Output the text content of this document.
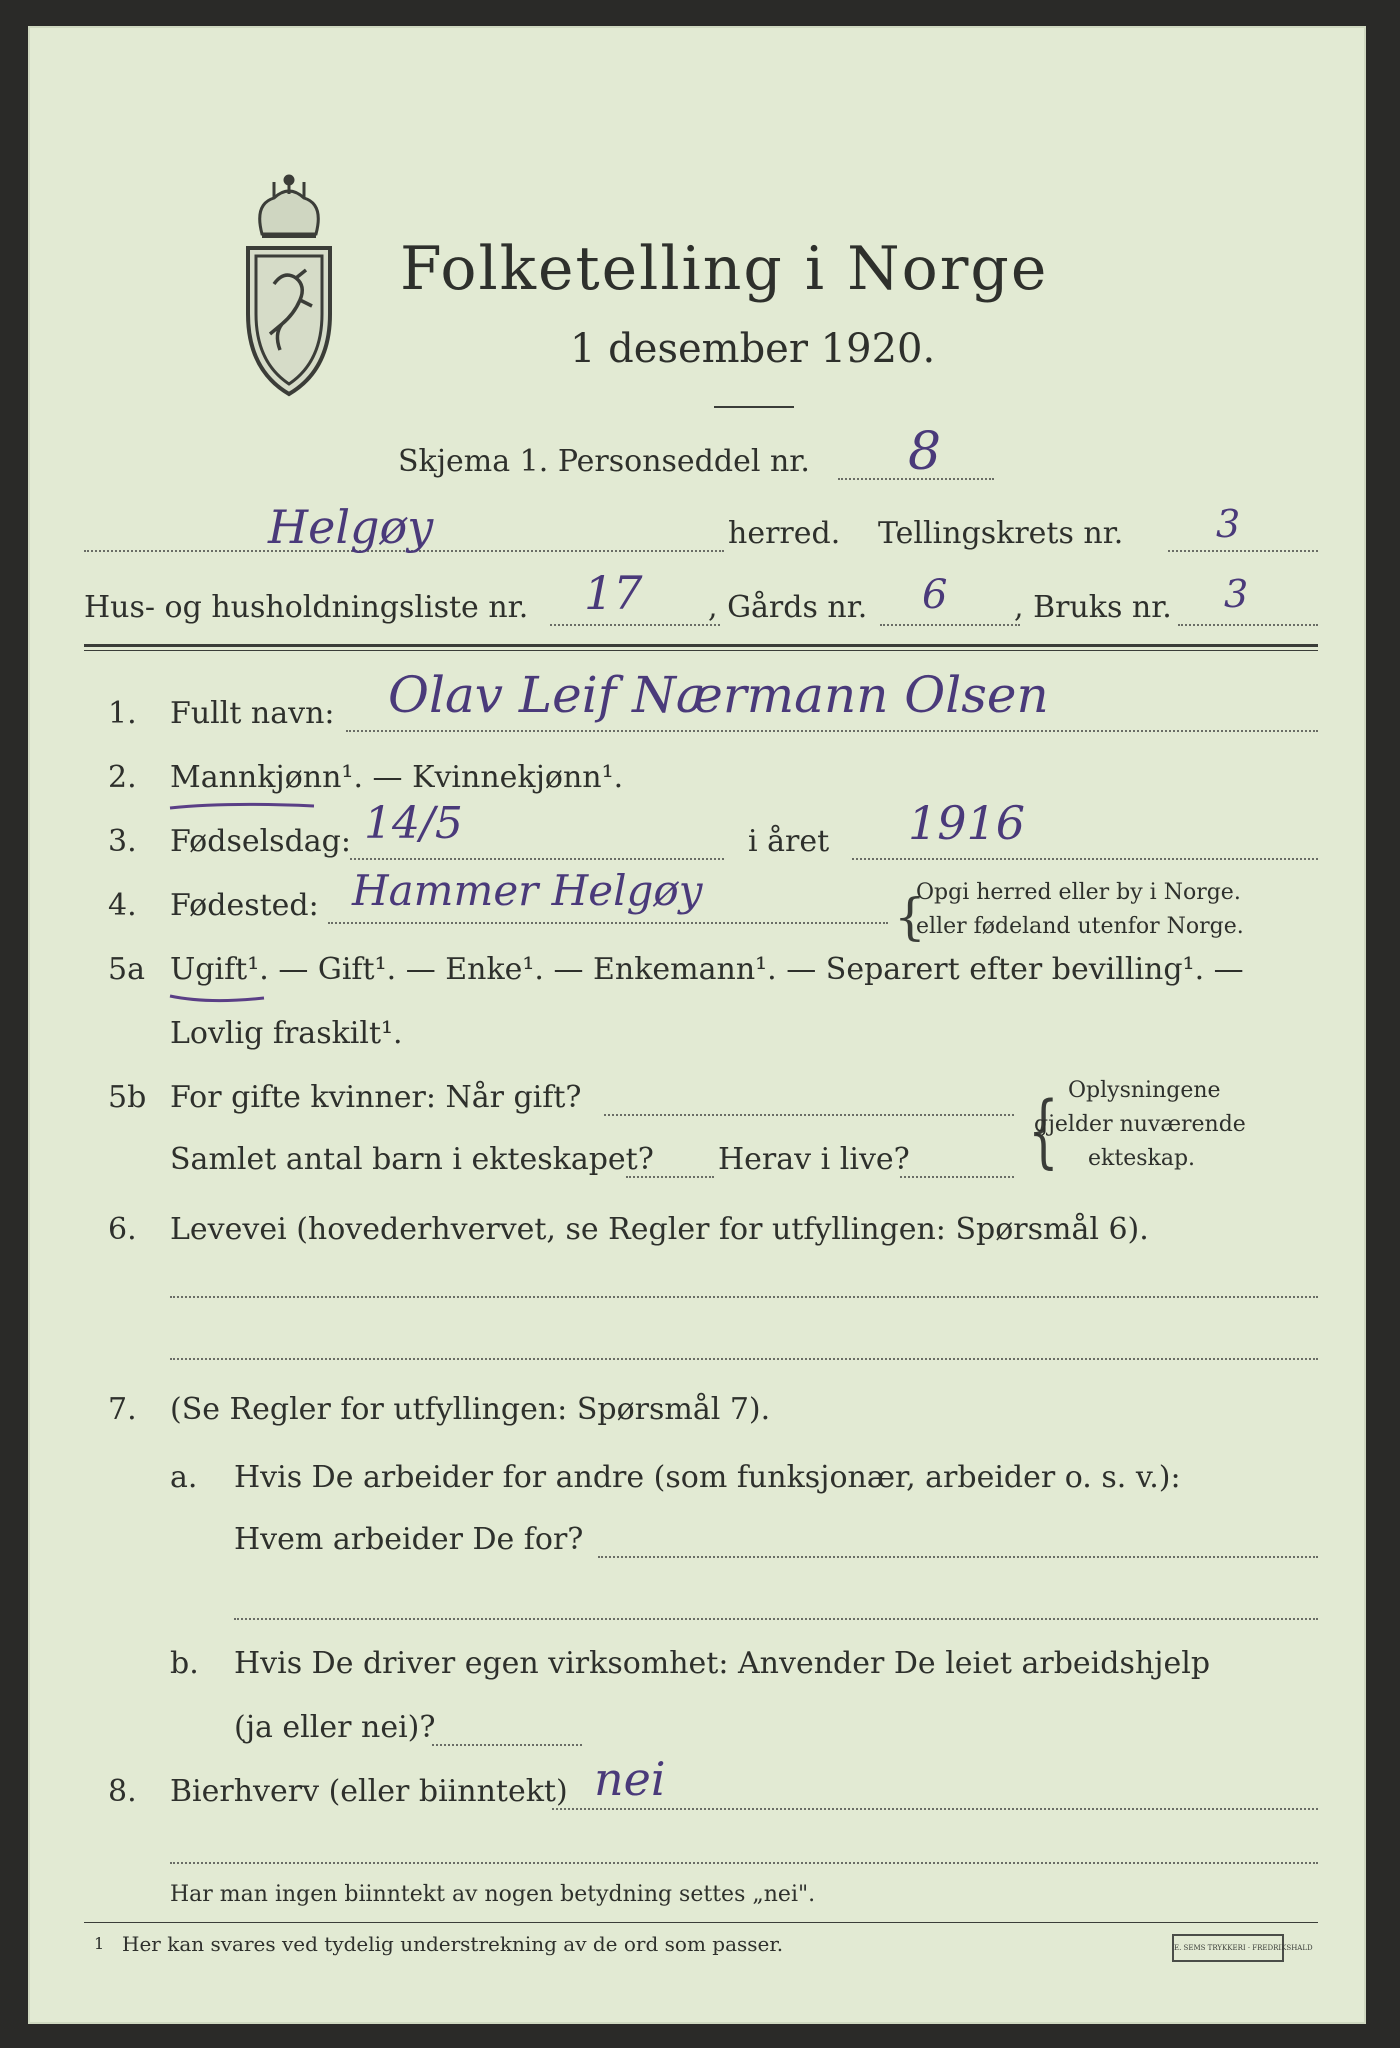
Folketelling i Norge
1 desember 1920.
Skjema 1. Personseddel nr. 8
Helgøy	herred. Tellingskrets nr. 3
Hus- og husholdningsliste nr. 17 , Gårds nr. 6 , Bruks nr. 3
1. Fullt navn: Olav Leif Nærmann Olsen
2. Mannkjønn¹. — Kvinnekjønn¹.
3. Fødselsdag: 14/5	i året 1916
4. Fødested: Hammer Helgøy	{
Opgi herred eller by i Norge.
eller fødeland utenfor Norge.
5a Ugift¹. — Gift¹. — Enke¹. — Enkemann¹. — Separert efter bevilling¹. —
Lovlig fraskilt¹.
5b For gifte kvinner: Når gift?
Samlet antal barn i ekteskapet? Herav i live? { Oplysningene
gjelder nuværende
ekteskap.
6. Levevei (hovederhvervet, se Regler for utfyllingen: Spørsmål 6).
7. (Se Regler for utfyllingen: Spørsmål 7).
a. Hvis De arbeider for andre (som funksjonær, arbeider o. s. v.):
Hvem arbeider De for?
b. Hvis De driver egen virksomhet: Anvender De leiet arbeidshjelp
(ja eller nei)?
8. Bierhverv (eller biinntekt) nei
Har man ingen biinntekt av nogen betydning settes „nei".
1 Her kan svares ved tydelig understrekning av de ord som passer.	E. SEMS TRYKKERI · FREDRIKSHALD
